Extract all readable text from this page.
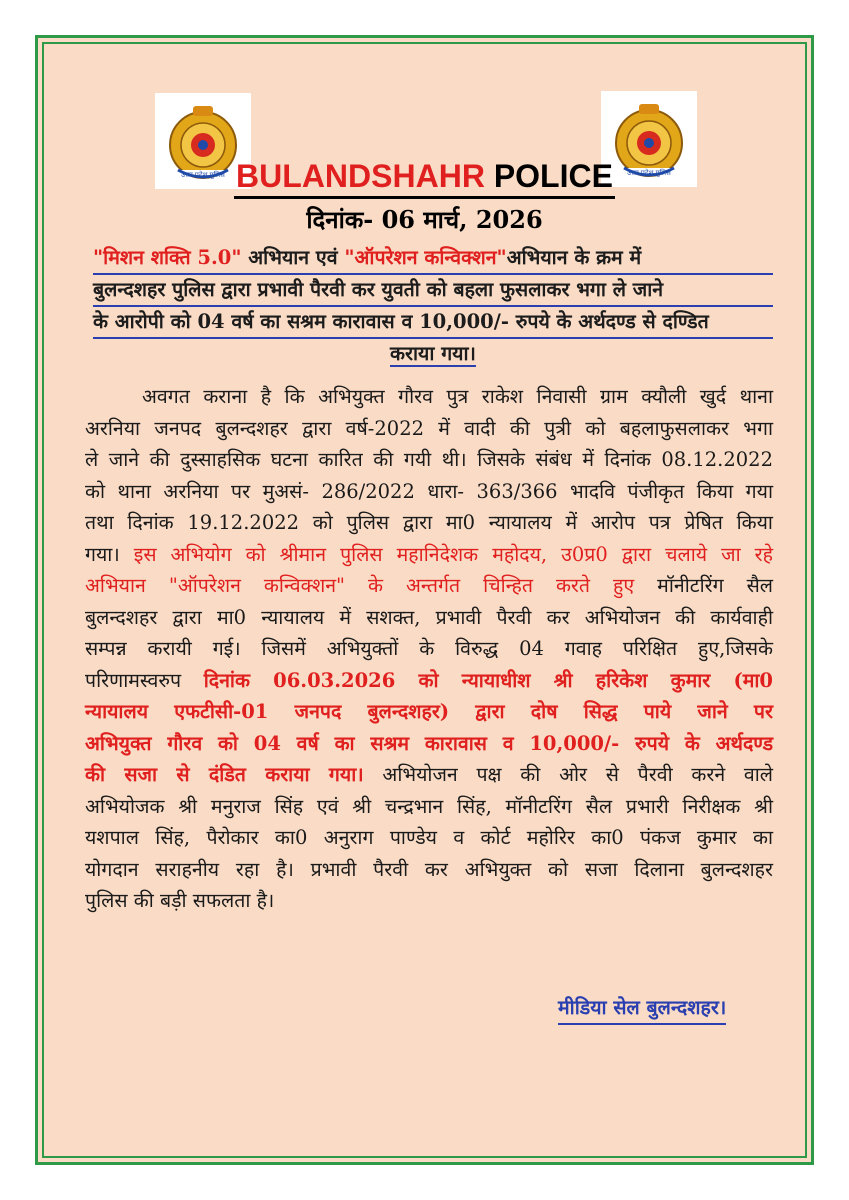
उत्तर प्रदेश पुलिस	उत्तर प्रदेश पुलिस
BULANDSHAHR POLICE
दिनांक- 06 मार्च, 2026
"मिशन शक्ति 5.0" अभियान एवं "ऑपरेशन कन्विक्शन"अभियान के क्रम में
बुलन्दशहर पुलिस द्वारा प्रभावी पैरवी कर युवती को बहला फुसलाकर भगा ले जाने
के आरोपी को 04 वर्ष का सश्रम कारावास व 10,000/- रुपये के अर्थदण्ड से दण्डित
कराया गया।
अवगत कराना है कि अभियुक्त गौरव पुत्र राकेश निवासी ग्राम क्यौली खुर्द थाना
अरनिया जनपद बुलन्दशहर द्वारा वर्ष-2022 में वादी की पुत्री को बहलाफुसलाकर भगा
ले जाने की दुस्साहसिक घटना कारित की गयी थी। जिसके संबंध में दिनांक 08.12.2022
को थाना अरनिया पर मुअसं- 286/2022 धारा- 363/366 भादवि पंजीकृत किया गया
तथा दिनांक 19.12.2022 को पुलिस द्वारा मा0 न्यायालय में आरोप पत्र प्रेषित किया
गया। इस अभियोग को श्रीमान पुलिस महानिदेशक महोदय, उ0प्र0 द्वारा चलाये जा रहे
अभियान "ऑपरेशन कन्विक्शन" के अन्तर्गत चिन्हित करते हुए मॉनीटरिंग सैल
बुलन्दशहर द्वारा मा0 न्यायालय में सशक्त, प्रभावी पैरवी कर अभियोजन की कार्यवाही
सम्पन्न करायी गई। जिसमें अभियुक्तों के विरुद्ध 04 गवाह परिक्षित हुए,जिसके
परिणामस्वरुप दिनांक 06.03.2026 को न्यायाधीश श्री हरिकेश कुमार (मा0
न्यायालय एफटीसी-01 जनपद बुलन्दशहर) द्वारा दोष सिद्ध पाये जाने पर
अभियुक्त गौरव को 04 वर्ष का सश्रम कारावास व 10,000/- रुपये के अर्थदण्ड
की सजा से दंडित कराया गया। अभियोजन पक्ष की ओर से पैरवी करने वाले
अभियोजक श्री मनुराज सिंह एवं श्री चन्द्रभान सिंह, मॉनीटरिंग सैल प्रभारी निरीक्षक श्री
यशपाल सिंह, पैरोकार का0 अनुराग पाण्डेय व कोर्ट महोरिर का0 पंकज कुमार का
योगदान सराहनीय रहा है। प्रभावी पैरवी कर अभियुक्त को सजा दिलाना बुलन्दशहर
पुलिस की बड़ी सफलता है।
मीडिया सेल बुलन्दशहर।
